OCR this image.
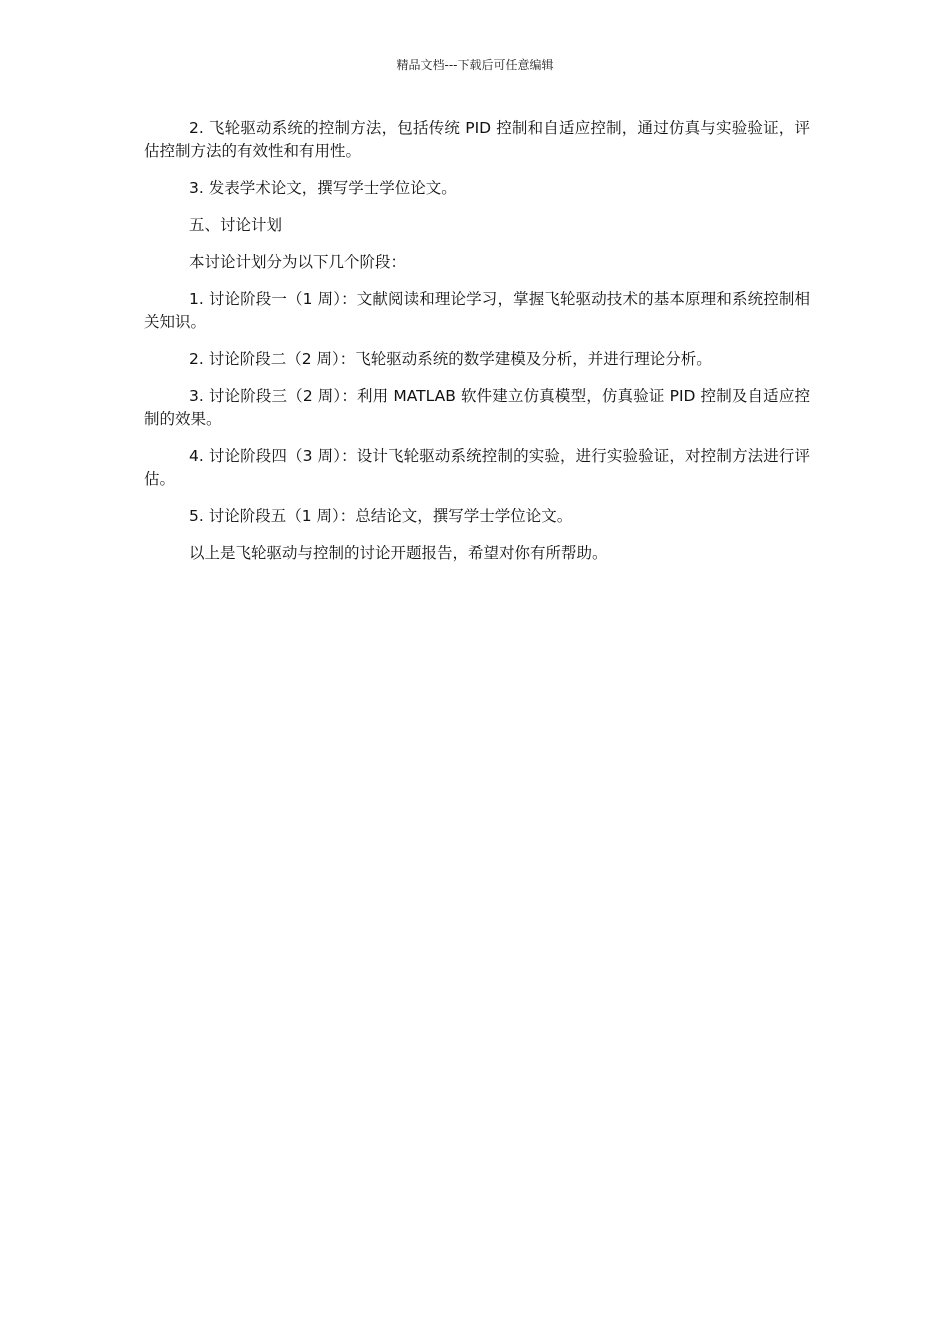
精品文档---下载后可任意编辑

2. 飞轮驱动系统的控制方法，包括传统 PID 控制和自适应控制，通过仿真与实验验证，评估控制方法的有效性和有用性。

3. 发表学术论文，撰写学士学位论文。

五、讨论计划

本讨论计划分为以下几个阶段：

1. 讨论阶段一（1 周）：文献阅读和理论学习，掌握飞轮驱动技术的基本原理和系统控制相关知识。

2. 讨论阶段二（2 周）：飞轮驱动系统的数学建模及分析，并进行理论分析。

3. 讨论阶段三（2 周）：利用 MATLAB 软件建立仿真模型，仿真验证 PID 控制及自适应控制的效果。

4. 讨论阶段四（3 周）：设计飞轮驱动系统控制的实验，进行实验验证，对控制方法进行评估。

5. 讨论阶段五（1 周）：总结论文，撰写学士学位论文。

以上是飞轮驱动与控制的讨论开题报告，希望对你有所帮助。
